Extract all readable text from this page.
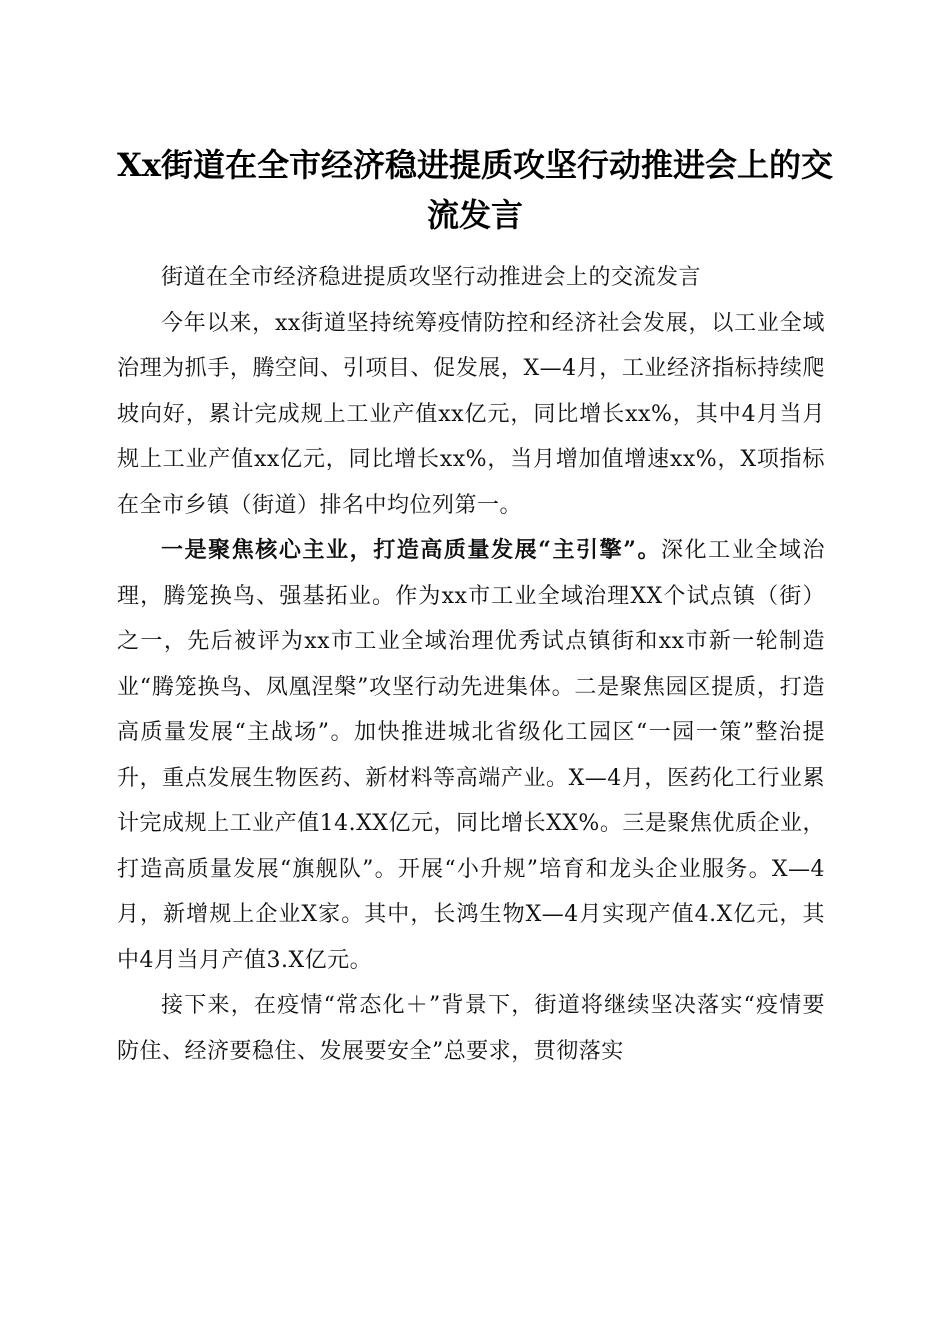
Xx街道在全市经济稳进提质攻坚行动推进会上的交流发言

街道在全市经济稳进提质攻坚行动推进会上的交流发言

今年以来，xx街道坚持统筹疫情防控和经济社会发展，以工业全域治理为抓手，腾空间、引项目、促发展，X—4月，工业经济指标持续爬坡向好，累计完成规上工业产值xx亿元，同比增长xx%，其中4月当月规上工业产值xx亿元，同比增长xx%，当月增加值增速xx%，X项指标在全市乡镇（街道）排名中均位列第一。

一是聚焦核心主业，打造高质量发展“主引擎”。深化工业全域治理，腾笼换鸟、强基拓业。作为xx市工业全域治理XX个试点镇（街）之一，先后被评为xx市工业全域治理优秀试点镇街和xx市新一轮制造业“腾笼换鸟、凤凰涅槃”攻坚行动先进集体。二是聚焦园区提质，打造高质量发展“主战场”。加快推进城北省级化工园区“一园一策”整治提升，重点发展生物医药、新材料等高端产业。X—4月，医药化工行业累计完成规上工业产值14.XX亿元，同比增长XX%。三是聚焦优质企业，打造高质量发展“旗舰队”。开展“小升规”培育和龙头企业服务。X—4月，新增规上企业X家。其中，长鸿生物X—4月实现产值4.X亿元，其中4月当月产值3.X亿元。

接下来，在疫情“常态化＋”背景下，街道将继续坚决落实“疫情要防住、经济要稳住、发展要安全”总要求，贯彻落实
